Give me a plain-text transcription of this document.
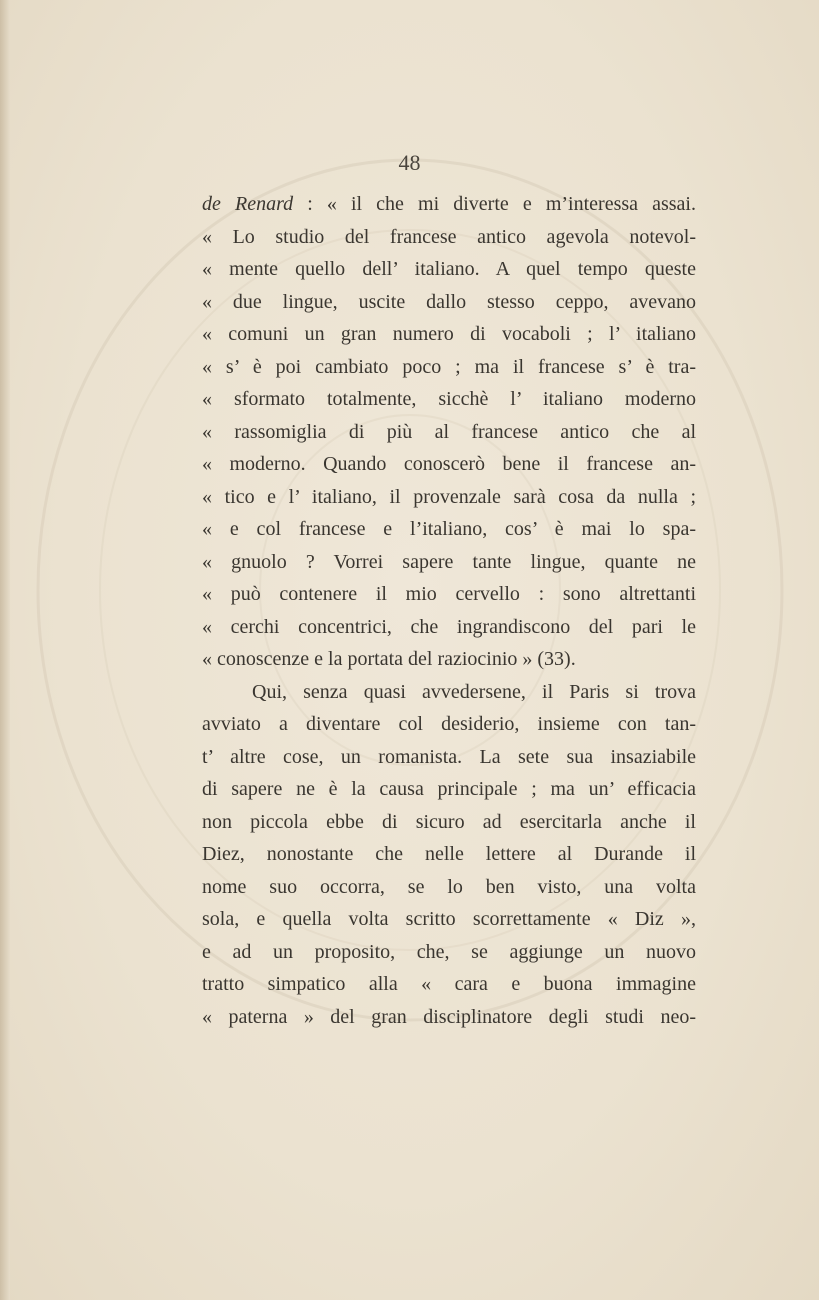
48
de Renard : « il che mi diverte e m’interessa assai.
« Lo studio del francese antico agevola notevol-
« mente quello dell’ italiano. A quel tempo queste
« due lingue, uscite dallo stesso ceppo, avevano
« comuni un gran numero di vocaboli ; l’ italiano
« s’ è poi cambiato poco ; ma il francese s’ è tra-
« sformato totalmente, sicchè l’ italiano moderno
« rassomiglia di più al francese antico che al
« moderno. Quando conoscerò bene il francese an-
« tico e l’ italiano, il provenzale sarà cosa da nulla ;
« e col francese e l’italiano, cos’ è mai lo spa-
« gnuolo ? Vorrei sapere tante lingue, quante ne
« può contenere il mio cervello : sono altrettanti
« cerchi concentrici, che ingrandiscono del pari le
« conoscenze e la portata del raziocinio » (33).
Qui, senza quasi avvedersene, il Paris si trova
avviato a diventare col desiderio, insieme con tan-
t’ altre cose, un romanista. La sete sua insaziabile
di sapere ne è la causa principale ; ma un’ efficacia
non piccola ebbe di sicuro ad esercitarla anche il
Diez, nonostante che nelle lettere al Durande il
nome suo occorra, se lo ben visto, una volta
sola, e quella volta scritto scorrettamente « Diz »,
e ad un proposito, che, se aggiunge un nuovo
tratto simpatico alla « cara e buona immagine
« paterna » del gran disciplinatore degli studi neo-
